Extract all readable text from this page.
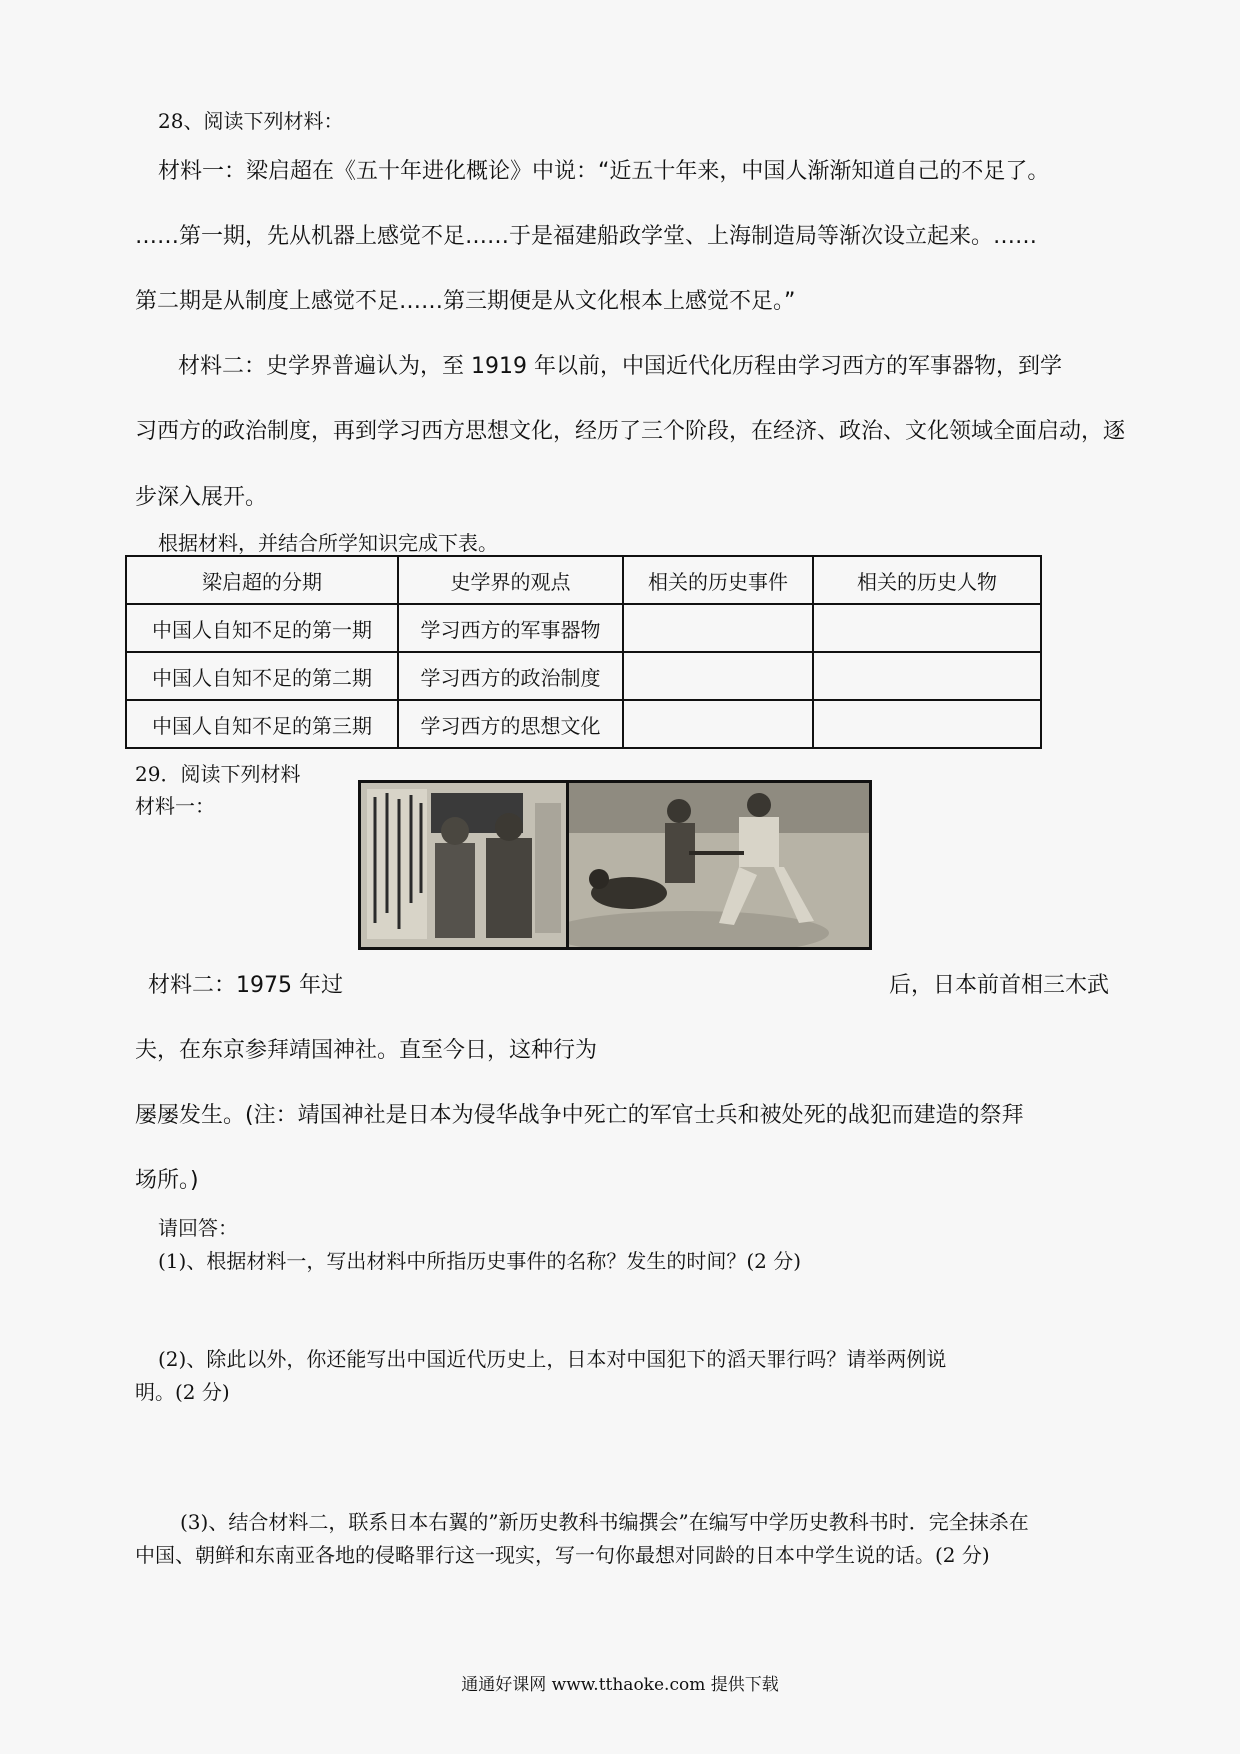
28、阅读下列材料：
材料一：梁启超在《五十年进化概论》中说：“近五十年来，中国人渐渐知道自己的不足了。
……第一期，先从机器上感觉不足……于是福建船政学堂、上海制造局等渐次设立起来。……
第二期是从制度上感觉不足……第三期便是从文化根本上感觉不足。”
材料二：史学界普遍认为，至 1919 年以前，中国近代化历程由学习西方的军事器物，到学
习西方的政治制度，再到学习西方思想文化，经历了三个阶段，在经济、政治、文化领域全面启动，逐
步深入展开。
根据材料，并结合所学知识完成下表。
梁启超的分期	史学界的观点	相关的历史事件	相关的历史人物
中国人自知不足的第一期	学习西方的军事器物		
中国人自知不足的第二期	学习西方的政治制度		
中国人自知不足的第三期	学习西方的思想文化		
29．阅读下列材料
材料一：
材料二：1975 年过	后，日本前首相三木武
夫，在东京参拜靖国神社。直至今日，这种行为
屡屡发生。(注：靖国神社是日本为侵华战争中死亡的军官士兵和被处死的战犯而建造的祭拜
场所。)
请回答：
(1)、根据材料一，写出材料中所指历史事件的名称？发生的时间？(2 分)
(2)、除此以外，你还能写出中国近代历史上，日本对中国犯下的滔天罪行吗？请举两例说
明。(2 分)
(3)、结合材料二，联系日本右翼的”新历史教科书编撰会”在编写中学历史教科书时．完全抹杀在
中国、朝鲜和东南亚各地的侵略罪行这一现实，写一句你最想对同龄的日本中学生说的话。(2 分)
通通好课网 www.tthaoke.com 提供下载
